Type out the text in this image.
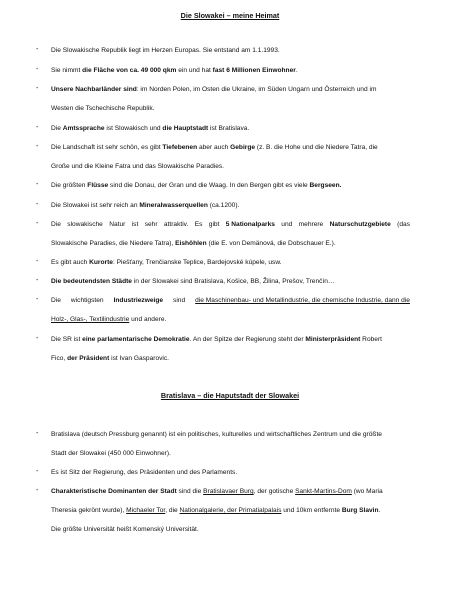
Die Slowakei – meine Heimat
- Die Slowakische Republik liegt im Herzen Europas. Sie entstand am 1.1.1993.
- Sie nimmt die Fläche von ca. 49 000 qkm ein und hat fast 6 Millionen Einwohner.
- Unsere Nachbarländer sind: im Norden Polen, im Osten die Ukraine, im Süden Ungarn und Österreich und im
Westen die Tschechische Republik.
- Die Amtssprache ist Slowakisch und die Hauptstadt ist Bratislava.
- Die Landschaft ist sehr schön, es gibt Tiefebenen aber auch Gebirge (z. B. die Hohe und die Niedere Tatra, die
Große und die Kleine Fatra und das Slowakische Paradies.
- Die größten Flüsse sind die Donau, der Gran und die Waag. In den Bergen gibt es viele Bergseen.
- Die Slowakei ist sehr reich an Mineralwasserquellen (ca.1200).
- Die slowakische Natur ist sehr attraktiv. Es gibt 5 Nationalparks und mehrere Naturschutzgebiete (das
Slowakische Paradies, die Niedere Tatra), Eishöhlen (die E. von Demänová, die Dobschauer E.).
- Es gibt auch Kurorte: Piešťany, Trenčianske Teplice, Bardejovské kúpele, usw.
- Die bedeutendsten Städte in der Slowakei sind Bratislava, Košice, BB, Žilina, Prešov, Trenčín…
- Die wichtigsten Industriezweige sind die Maschinenbau- und Metallindustrie, die chemische Industrie, dann die
Holz-, Glas-, Textilindustrie und andere.
- Die SR ist eine parlamentarische Demokratie. An der Spitze der Regierung steht der Ministerpräsident Robert
Fico, der Präsident ist Ivan Gasparovic.
Bratislava – die Haputstadt der Slowakei
- Bratislava (deutsch Pressburg genannt) ist ein politisches, kulturelles und wirtschaftliches Zentrum und die größte
Stadt der Slowakei (450 000 Einwohner).
- Es ist Sitz der Regierung, des Präsidenten und des Parlaments.
- Charakteristische Dominanten der Stadt sind die Bratislavaer Burg, der gotische Sankt-Martins-Dom (wo Maria
Theresia gekrönt wurde), Michaeler Tor, die Nationalgalerie, der Primatialpalais und 10km entfernte Burg Slavin.
Die größte Universität heißt Komenský Universität.
